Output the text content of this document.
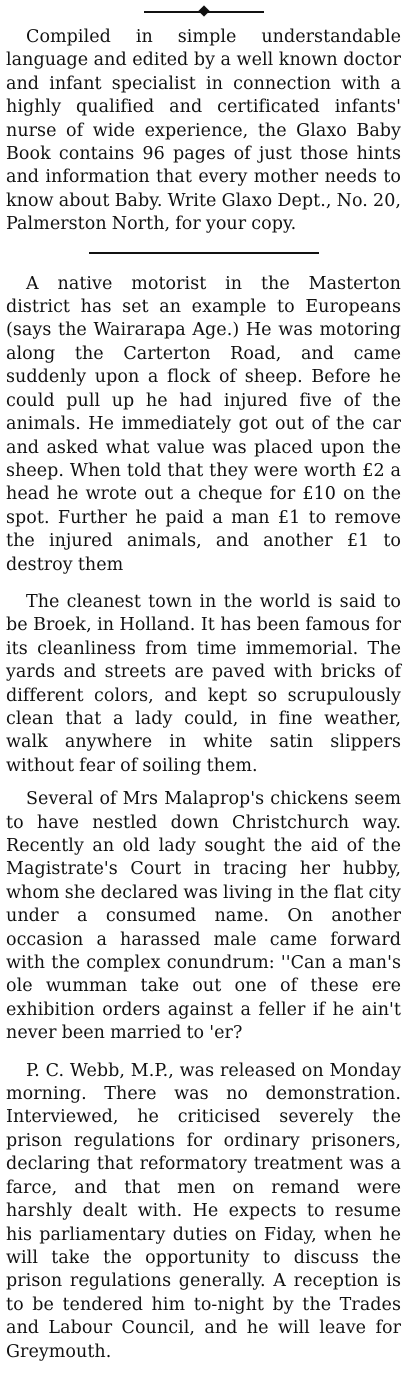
Compiled in simple understandable language and edited by a well known doctor and infant specialist in connection with a highly qualified and certificated infants' nurse of wide experience, the Glaxo Baby Book contains 96 pages of just those hints and information that every mother needs to know about Baby. Write Glaxo Dept., No. 20, Palmerston North, for your copy.

A native motorist in the Masterton district has set an example to Europeans (says the Wairarapa Age.) He was motoring along the Carterton Road, and came suddenly upon a flock of sheep. Before he could pull up he had injured five of the animals. He immediately got out of the car and asked what value was placed upon the sheep. When told that they were worth £2 a head he wrote out a cheque for £10 on the spot. Further he paid a man £1 to remove the injured animals, and another £1 to destroy them

The cleanest town in the world is said to be Broek, in Holland. It has been famous for its cleanliness from time immemorial. The yards and streets are paved with bricks of different colors, and kept so scrupulously clean that a lady could, in fine weather, walk anywhere in white satin slippers without fear of soiling them.

Several of Mrs Malaprop's chickens seem to have nestled down Christchurch way. Recently an old lady sought the aid of the Magistrate's Court in tracing her hubby, whom she declared was living in the flat city under a consumed name. On another occasion a harassed male came forward with the complex conundrum: ''Can a man's ole wumman take out one of these ere exhibition orders against a feller if he ain't never been married to 'er?

P. C. Webb, M.P., was released on Monday morning. There was no demonstration. Interviewed, he criticised severely the prison regulations for ordinary prisoners, declaring that reformatory treatment was a farce, and that men on remand were harshly dealt with. He expects to resume his parliamentary duties on Fiday, when he will take the opportunity to discuss the prison regulations generally. A reception is to be tendered him to-night by the Trades and Labour Council, and he will leave for Greymouth.
